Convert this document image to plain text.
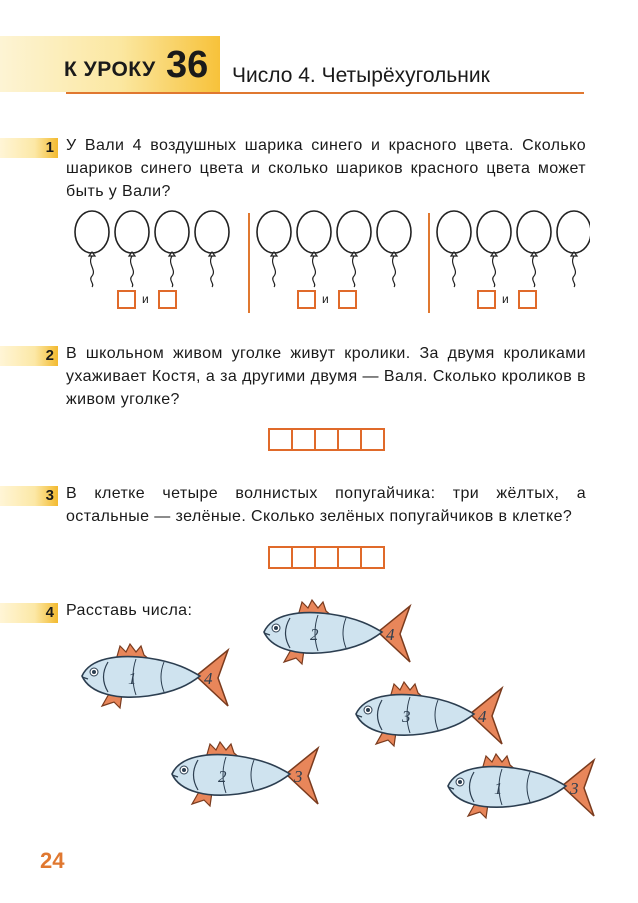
К УРОКУ 36 Число 4. Четырёхугольник
1 У Вали 4 воздушных шарика синего и красного цвета. Сколько шариков синего цвета и сколько шариков красного цвета может быть у Вали?
и	и	и
2 В школьном живом уголке живут кролики. За двумя кроликами ухаживает Костя, а за другими двумя — Валя. Сколько кроликов в живом уголке?
3 В клетке четыре волнистых попугайчика: три жёлтых, а остальные — зелёные. Сколько зелёных попугайчиков в клетке?
4 Расставь числа:
2	4
1	4
3	4
2	3
1	3
24
